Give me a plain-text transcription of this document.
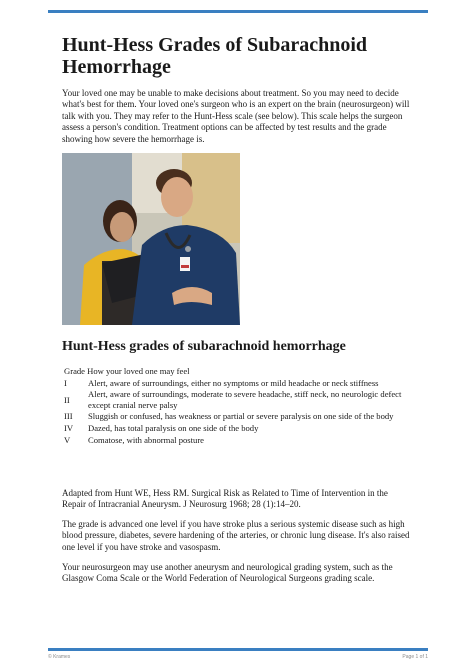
Hunt-Hess Grades of Subarachnoid Hemorrhage

Your loved one may be unable to make decisions about treatment. So you may need to decide what's best for them. Your loved one's surgeon who is an expert on the brain (neurosurgeon) will talk with you. They may refer to the Hunt-Hess scale (see below). This scale helps the surgeon assess a person's condition. Treatment options can be affected by test results and the grade showing how severe the hemorrhage is.

Hunt-Hess grades of subarachnoid hemorrhage
Grade How your loved one may feel	
I	Alert, aware of surroundings, either no symptoms or mild headache or neck stiffness
II	Alert, aware of surroundings, moderate to severe headache, stiff neck, no neurologic defect except cranial nerve palsy
III	Sluggish or confused, has weakness or partial or severe paralysis on one side of the body
IV	Dazed, has total paralysis on one side of the body
V	Comatose, with abnormal posture

Adapted from Hunt WE, Hess RM. Surgical Risk as Related to Time of Intervention in the Repair of Intracranial Aneurysm. J Neurosurg 1968; 28 (1):14–20.

The grade is advanced one level if you have stroke plus a serious systemic disease such as high blood pressure, diabetes, severe hardening of the arteries, or chronic lung disease. It's also raised one level if you have stroke and vasospasm.

Your neurosurgeon may use another aneurysm and neurological grading system, such as the Glasgow Coma Scale or the World Federation of Neurological Surgeons grading scale.

© Krames	Page 1 of 1
